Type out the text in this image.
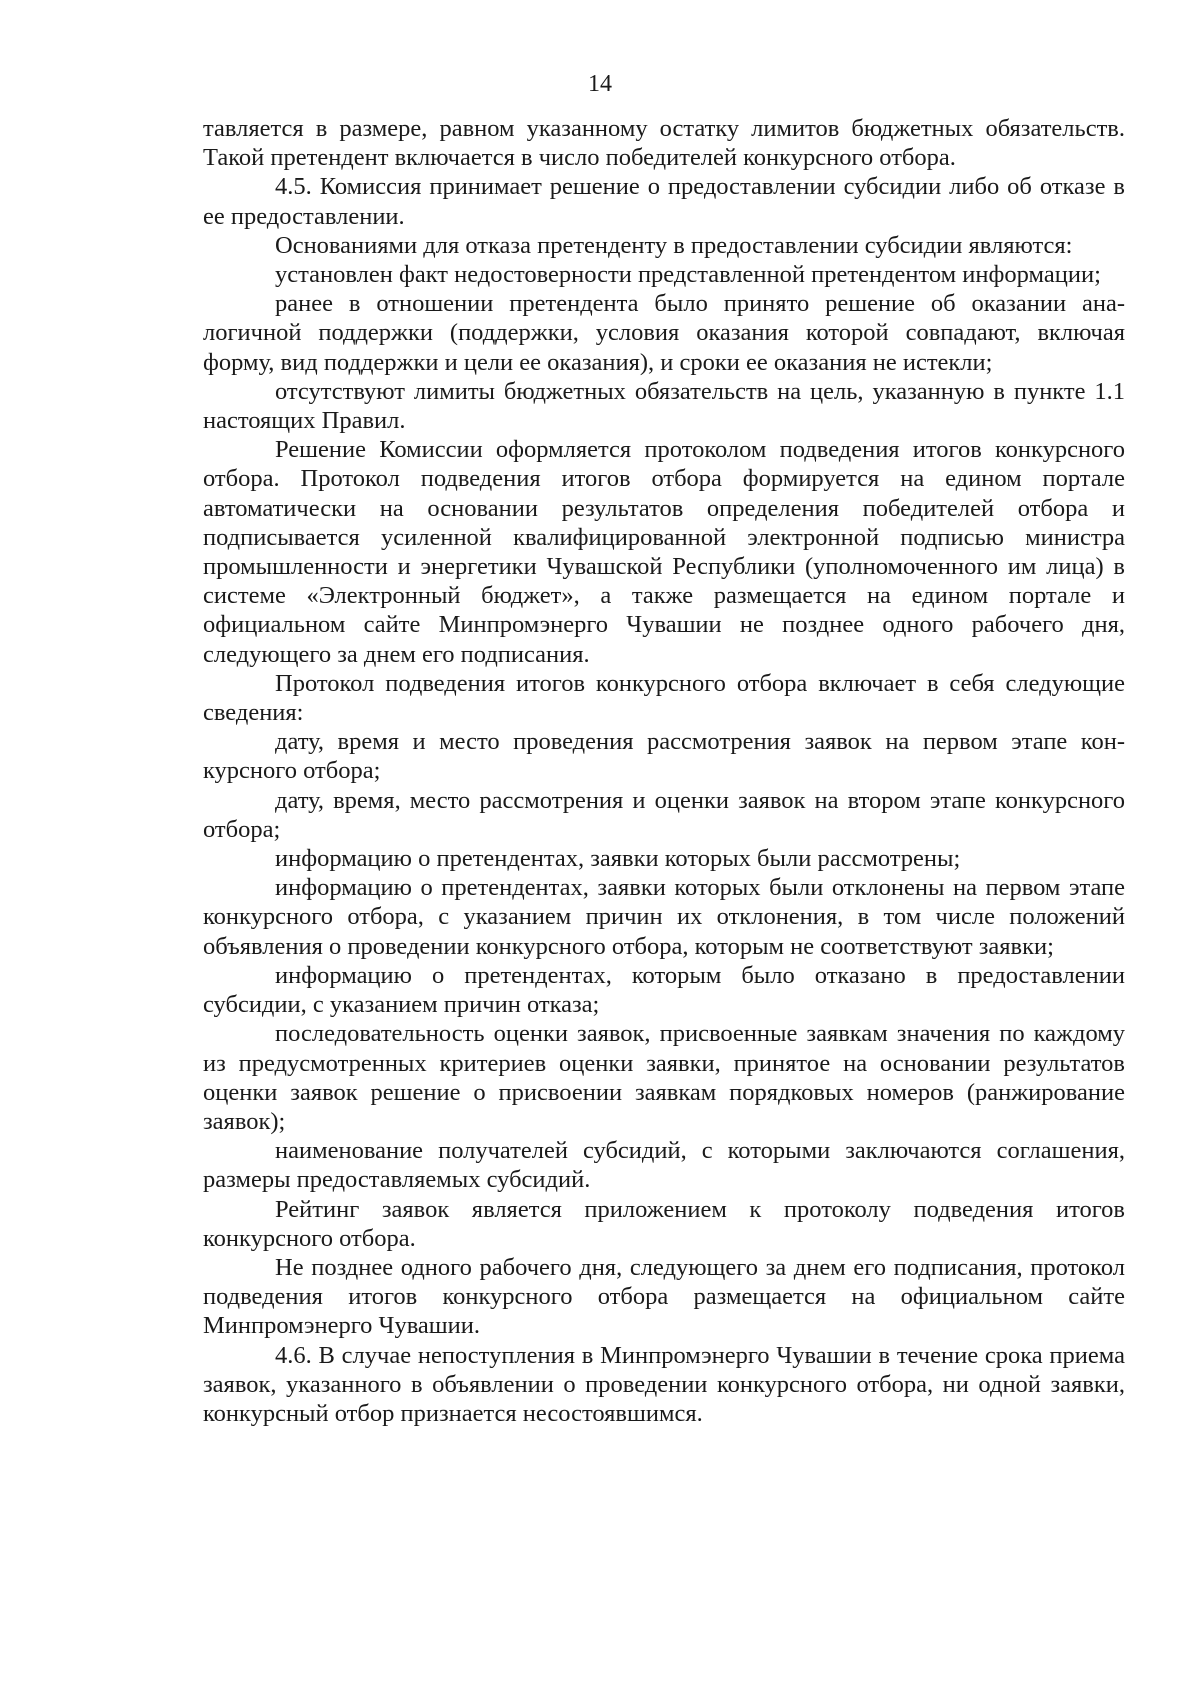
14

тавляется в размере, равном указанному остатку лимитов бюджетных обязательств. Такой претендент включается в число победителей конкурсного отбора.

4.5. Комиссия принимает решение о предоставлении субсидии либо об отказе в ее предоставлении.

Основаниями для отказа претенденту в предоставлении субсидии являются:

установлен факт недостоверности представленной претендентом информации;

ранее в отношении претендента было принято решение об оказании аналогичной поддержки (поддержки, условия оказания которой совпадают, включая форму, вид поддержки и цели ее оказания), и сроки ее оказания не истекли;

отсутствуют лимиты бюджетных обязательств на цель, указанную в пункте 1.1 настоящих Правил.

Решение Комиссии оформляется протоколом подведения итогов конкурсного отбора. Протокол подведения итогов отбора формируется на едином портале автоматически на основании результатов определения победителей отбора и подписывается усиленной квалифицированной электронной подписью министра промышленности и энергетики Чувашской Республики (уполномоченного им лица) в системе «Электронный бюджет», а также размещается на едином портале и официальном сайте Минпромэнерго Чувашии не позднее одного рабочего дня, следующего за днем его подписания.

Протокол подведения итогов конкурсного отбора включает в себя следующие сведения:

дату, время и место проведения рассмотрения заявок на первом этапе конкурсного отбора;

дату, время, место рассмотрения и оценки заявок на втором этапе конкурсного отбора;

информацию о претендентах, заявки которых были рассмотрены;

информацию о претендентах, заявки которых были отклонены на первом этапе конкурсного отбора, с указанием причин их отклонения, в том числе положений объявления о проведении конкурсного отбора, которым не соответствуют заявки;

информацию о претендентах, которым было отказано в предоставлении субсидии, с указанием причин отказа;

последовательность оценки заявок, присвоенные заявкам значения по каждому из предусмотренных критериев оценки заявки, принятое на основании результатов оценки заявок решение о присвоении заявкам порядковых номеров (ранжирование заявок);

наименование получателей субсидий, с которыми заключаются соглашения, размеры предоставляемых субсидий.

Рейтинг заявок является приложением к протоколу подведения итогов конкурсного отбора.

Не позднее одного рабочего дня, следующего за днем его подписания, протокол подведения итогов конкурсного отбора размещается на официальном сайте Минпромэнерго Чувашии.

4.6. В случае непоступления в Минпромэнерго Чувашии в течение срока приема заявок, указанного в объявлении о проведении конкурсного отбора, ни одной заявки, конкурсный отбор признается несостоявшимся.
